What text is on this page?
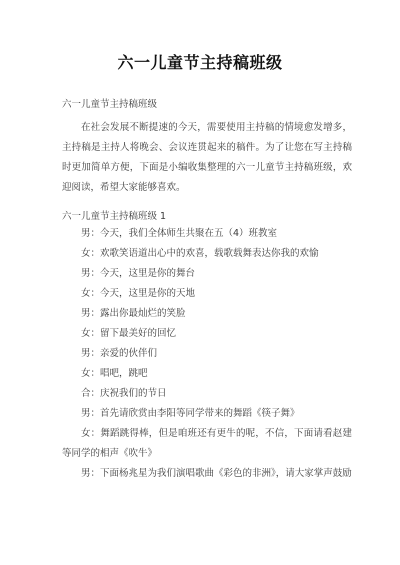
六一儿童节主持稿班级
六一儿童节主持稿班级
在社会发展不断提速的今天，需要使用主持稿的情境愈发增多，主持稿是主持人将晚会、会议连贯起来的稿件。为了让您在写主持稿时更加简单方便，下面是小编收集整理的六一儿童节主持稿班级，欢迎阅读，希望大家能够喜欢。
六一儿童节主持稿班级 1
男：今天，我们全体师生共聚在五（4）班教室
女：欢歌笑语道出心中的欢喜，载歌载舞表达你我的欢愉
男：今天，这里是你的舞台
女：今天，这里是你的天地
男：露出你最灿烂的笑脸
女：留下最美好的回忆
男：亲爱的伙伴们
女：唱吧，跳吧
合：庆祝我们的节日
男：首先请欣赏由李阳等同学带来的舞蹈《筷子舞》
女：舞蹈跳得棒，但是咱班还有更牛的呢，不信，下面请看赵建等同学的相声《吹牛》
男：下面杨兆星为我们演唱歌曲《彩色的非洲》，请大家掌声鼓励
